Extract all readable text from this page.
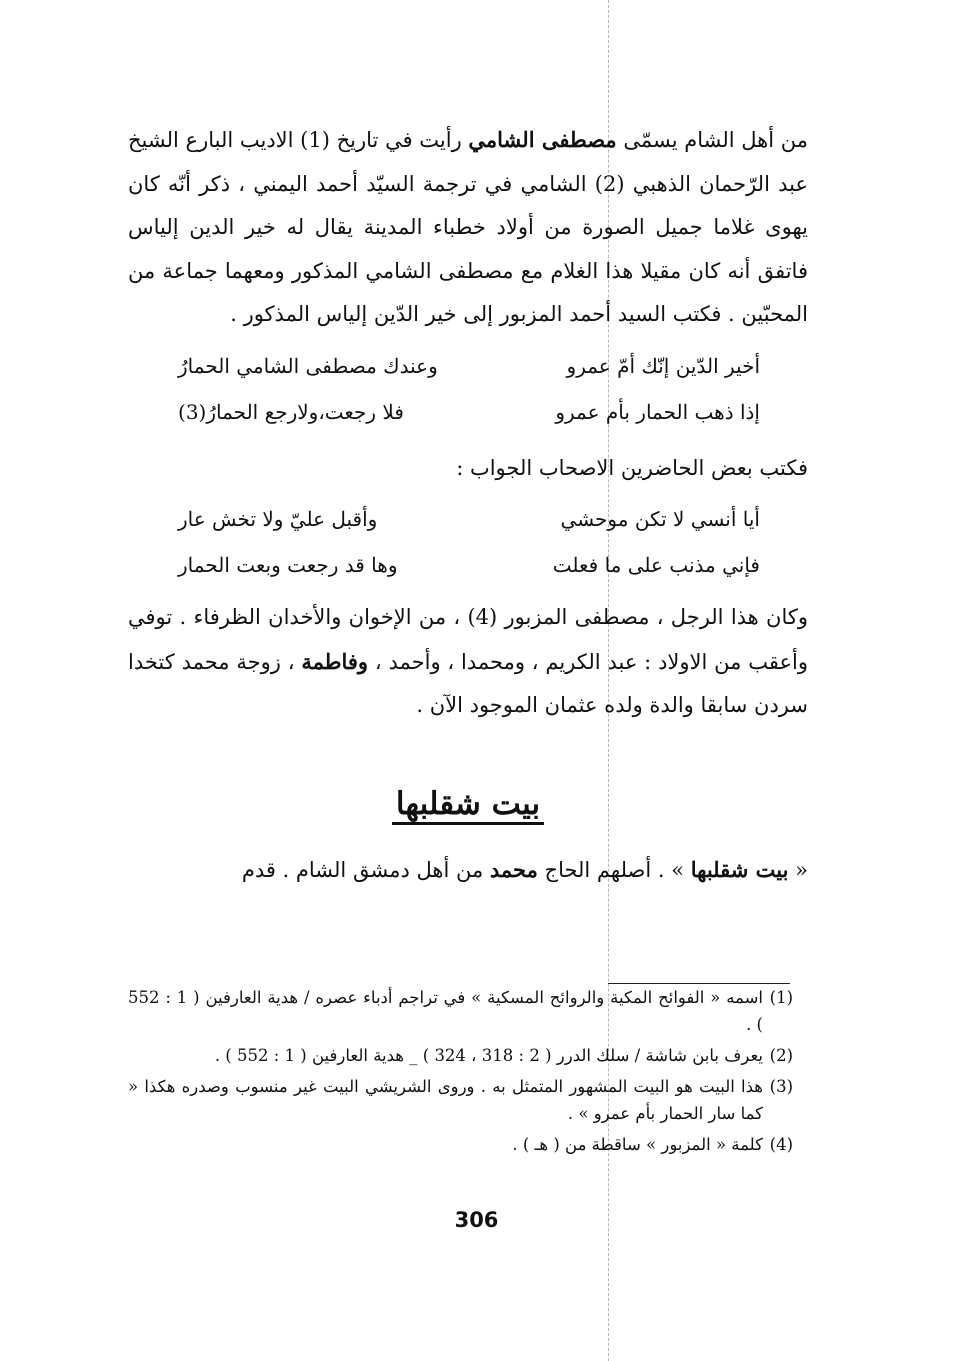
من أهل الشام يسمّى مصطفى الشامي رأيت في تاريخ (1) الاديب البارع الشيخ عبد الرّحمان الذهبي (2) الشامي في ترجمة السيّد أحمد اليمني ، ذكر أنّه كان يهوى غلاما جميل الصورة من أولاد خطباء المدينة يقال له خير الدين إلياس فاتفق أنه كان مقيلا هذا الغلام مع مصطفى الشامي المذكور ومعهما جماعة من المحبّين . فكتب السيد أحمد المزبور إلى خير الدّين إلياس المذكور .

أخير الدّين إنّك أمّ عمرو
وعندك مصطفى الشامي الحمارُ
إذا ذهب الحمار بأم عمرو
فلا رجعت،ولارجع الحمارُ(3)

فكتب بعض الحاضرين الاصحاب الجواب :

أيا أنسي لا تكن موحشي
وأقبل عليّ ولا تخش عار
فإني مذنب على ما فعلت
وها قد رجعت وبعت الحمار

وكان هذا الرجل ، مصطفى المزبور (4) ، من الإخوان والأخدان الظرفاء . توفي وأعقب من الاولاد : عبد الكريم ، ومحمدا ، وأحمد ، وفاطمة ، زوجة محمد كتخدا سردن سابقا والدة ولده عثمان الموجود الآن .

بيت شقلبها

« بيت شقلبها » . أصلهم الحاج محمد من أهل دمشق الشام . قدم

(1)
اسمه « الفوائح المكية والروائح المسكية » في تراجم أدباء عصره / هدية العارفين ( 1 : 552 ) .
(2)
يعرف بابن شاشة / سلك الدرر ( 2 : 318 ، 324 ) _ هدية العارفين ( 1 : 552 ) .
(3)
هذا البيت هو البيت المشهور المتمثل به . وروى الشريشي البيت غير منسوب وصدره هكذا « كما سار الحمار بأم عمرو » .
(4)
كلمة « المزبور » ساقطة من ( هـ ) .
306
